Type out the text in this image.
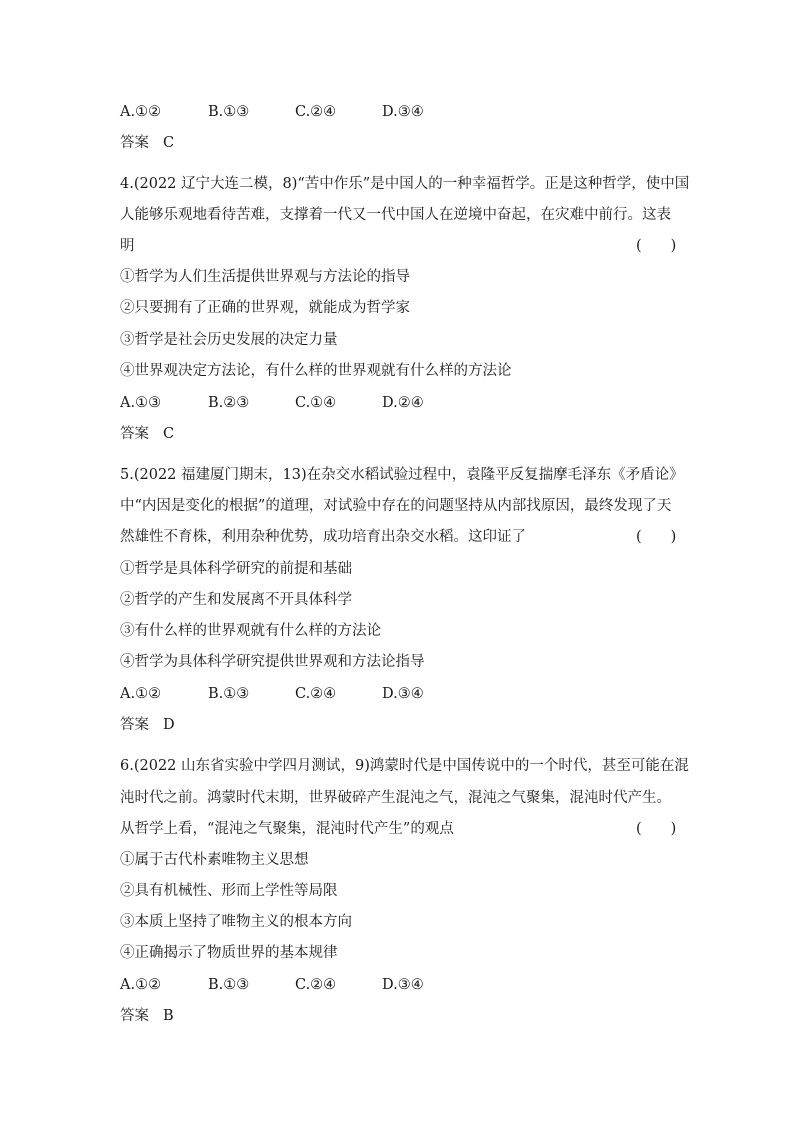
A.①②	B.①③	C.②④	D.③④
答案 C
4.(2022 辽宁大连二模，8)“苦中作乐”是中国人的一种幸福哲学。正是这种哲学，使中国
人能够乐观地看待苦难，支撑着一代又一代中国人在逆境中奋起，在灾难中前行。这表
明	(　　)
①哲学为人们生活提供世界观与方法论的指导
②只要拥有了正确的世界观，就能成为哲学家
③哲学是社会历史发展的决定力量
④世界观决定方法论，有什么样的世界观就有什么样的方法论
A.①③	B.②③	C.①④	D.②④
答案 C
5.(2022 福建厦门期末，13)在杂交水稻试验过程中，袁隆平反复揣摩毛泽东《矛盾论》
中“内因是变化的根据”的道理，对试验中存在的问题坚持从内部找原因，最终发现了天
然雄性不育株，利用杂种优势，成功培育出杂交水稻。这印证了	(　　)
①哲学是具体科学研究的前提和基础
②哲学的产生和发展离不开具体科学
③有什么样的世界观就有什么样的方法论
④哲学为具体科学研究提供世界观和方法论指导
A.①②	B.①③	C.②④	D.③④
答案 D
6.(2022 山东省实验中学四月测试，9)鸿蒙时代是中国传说中的一个时代，甚至可能在混
沌时代之前。鸿蒙时代末期，世界破碎产生混沌之气，混沌之气聚集，混沌时代产生。
从哲学上看，“混沌之气聚集，混沌时代产生”的观点	(　　)
①属于古代朴素唯物主义思想
②具有机械性、形而上学性等局限
③本质上坚持了唯物主义的根本方向
④正确揭示了物质世界的基本规律
A.①②	B.①③	C.②④	D.③④
答案 B
